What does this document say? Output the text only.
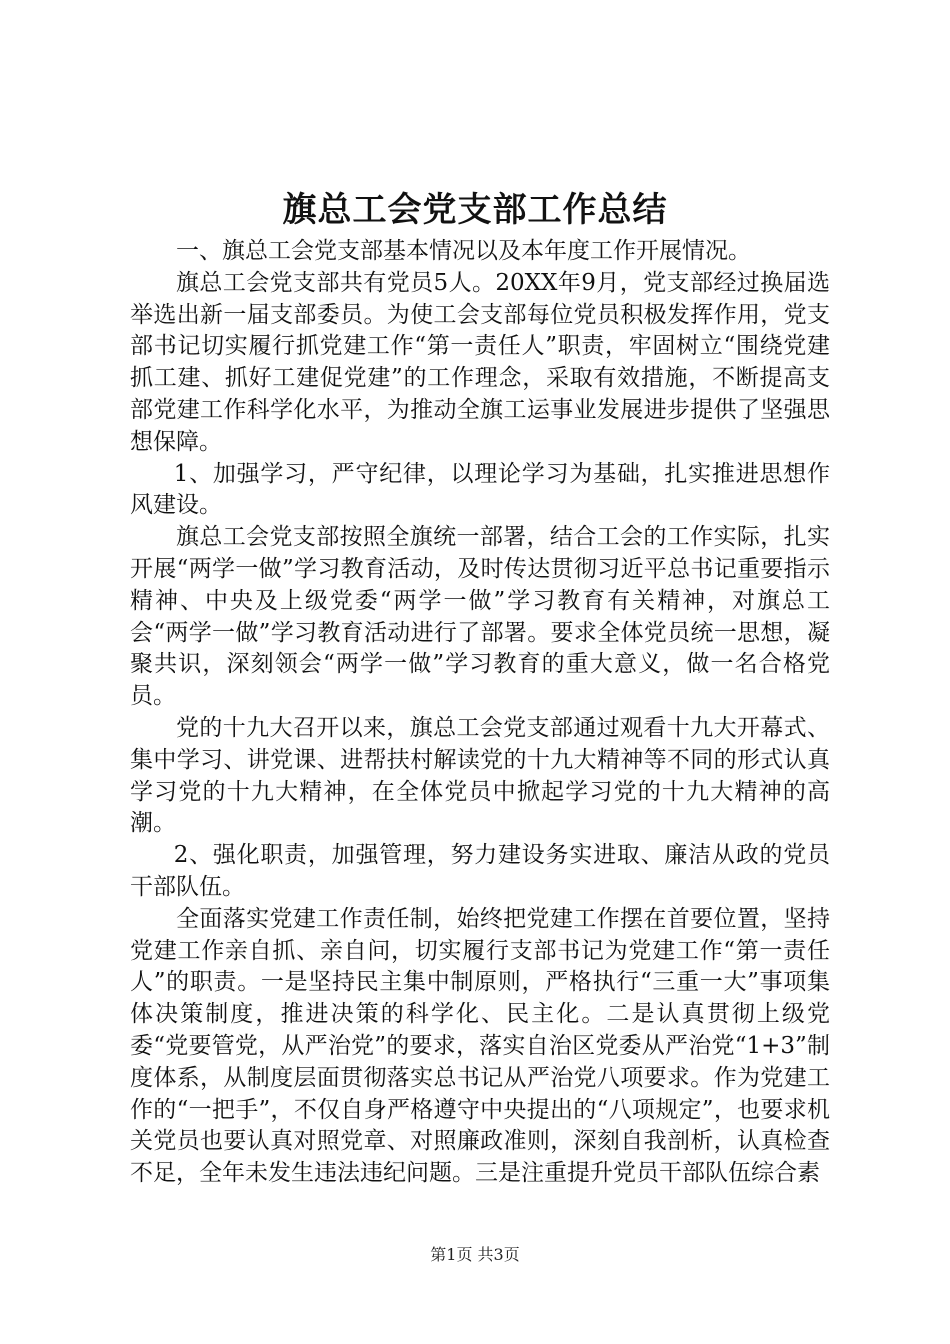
旗总工会党支部工作总结

一、旗总工会党支部基本情况以及本年度工作开展情况。

旗总工会党支部共有党员5人。20XX年9月，党支部经过换届选举选出新一届支部委员。为使工会支部每位党员积极发挥作用，党支部书记切实履行抓党建工作“第一责任人”职责，牢固树立“围绕党建抓工建、抓好工建促党建”的工作理念，采取有效措施，不断提高支部党建工作科学化水平，为推动全旗工运事业发展进步提供了坚强思想保障。

1、加强学习，严守纪律，以理论学习为基础，扎实推进思想作风建设。

旗总工会党支部按照全旗统一部署，结合工会的工作实际，扎实开展“两学一做”学习教育活动，及时传达贯彻习近平总书记重要指示精神、中央及上级党委“两学一做”学习教育有关精神，对旗总工会“两学一做”学习教育活动进行了部署。要求全体党员统一思想，凝聚共识，深刻领会“两学一做”学习教育的重大意义，做一名合格党员。

党的十九大召开以来，旗总工会党支部通过观看十九大开幕式、集中学习、讲党课、进帮扶村解读党的十九大精神等不同的形式认真学习党的十九大精神，在全体党员中掀起学习党的十九大精神的高潮。

2、强化职责，加强管理，努力建设务实进取、廉洁从政的党员干部队伍。

全面落实党建工作责任制，始终把党建工作摆在首要位置，坚持党建工作亲自抓、亲自问，切实履行支部书记为党建工作“第一责任人”的职责。一是坚持民主集中制原则，严格执行“三重一大”事项集体决策制度，推进决策的科学化、民主化。二是认真贯彻上级党委“党要管党，从严治党”的要求，落实自治区党委从严治党“1+3”制度体系，从制度层面贯彻落实总书记从严治党八项要求。作为党建工作的“一把手”，不仅自身严格遵守中央提出的“八项规定”，也要求机关党员也要认真对照党章、对照廉政准则，深刻自我剖析，认真检查不足，全年未发生违法违纪问题。三是注重提升党员干部队伍综合素

第1页 共3页
